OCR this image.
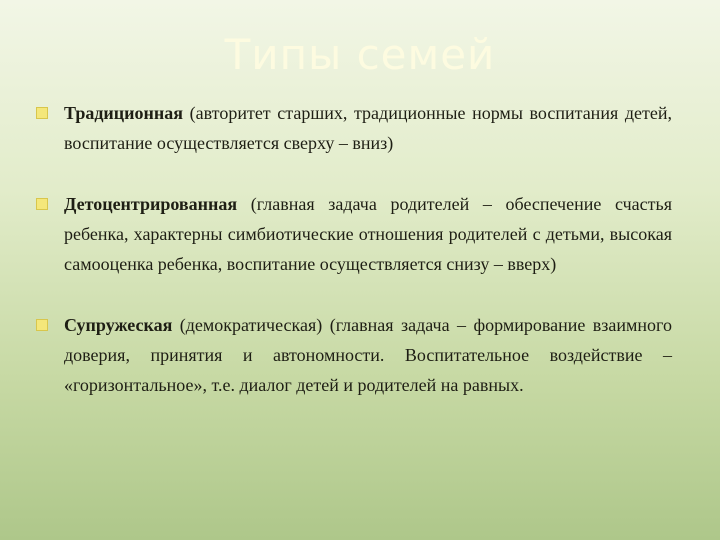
Типы семей
Традиционная (авторитет старших, традиционные нормы воспитания детей, воспитание осуществляется сверху – вниз)
Детоцентрированная (главная задача родителей – обеспечение счастья ребенка, характерны симбиотические отношения родителей с детьми, высокая самооценка ребенка, воспитание осуществляется снизу – вверх)
Супружеская (демократическая) (главная задача – формирование взаимного доверия, принятия и автономности. Воспитательное воздействие – «горизонтальное», т.е. диалог детей и родителей на равных.
